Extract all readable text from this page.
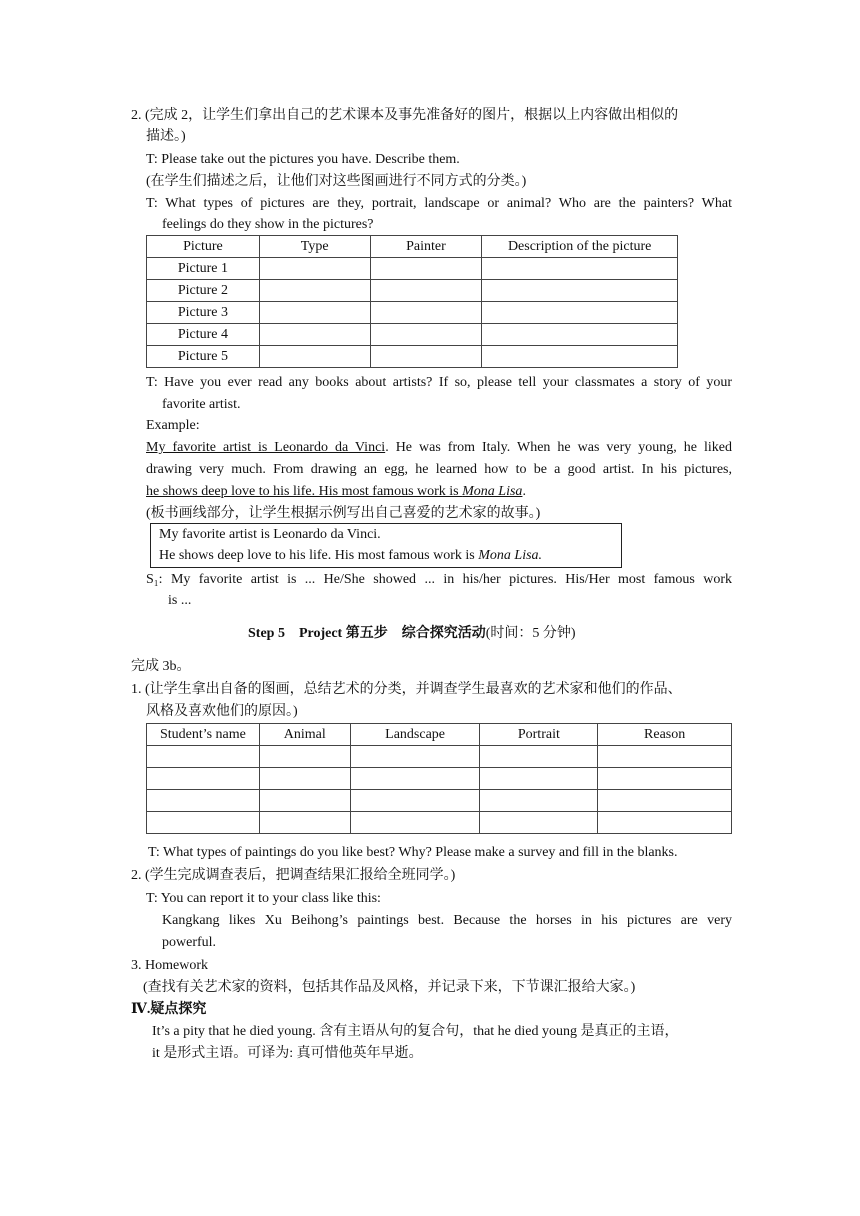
2. (完成 2，让学生们拿出自己的艺术课本及事先准备好的图片，根据以上内容做出相似的
描述。)
T: Please take out the pictures you have. Describe them.
(在学生们描述之后，让他们对这些图画进行不同方式的分类。)
T: What types of pictures are they, portrait, landscape or animal? Who are the painters? What
feelings do they show in the pictures?
Picture	Type	Painter	Description of the picture
Picture 1			
Picture 2			
Picture 3			
Picture 4			
Picture 5			
T: Have you ever read any books about artists? If so, please tell your classmates a story of your
favorite artist.
Example:
My favorite artist is Leonardo da Vinci. He was from Italy. When he was very young, he liked
drawing very much. From drawing an egg, he learned how to be a good artist. In his pictures,
he shows deep love to his life. His most famous work is Mona Lisa.
(板书画线部分，让学生根据示例写出自己喜爱的艺术家的故事。)
My favorite artist is Leonardo da Vinci.
He shows deep love to his life. His most famous work is Mona Lisa.
S₁: My favorite artist is ... He/She showed ... in his/her pictures. His/Her most famous work
is ...
Step 5　Project 第五步　综合探究活动(时间：5 分钟)
完成 3b。
1. (让学生拿出自备的图画，总结艺术的分类，并调查学生最喜欢的艺术家和他们的作品、
风格及喜欢他们的原因。)
Student’s name	Animal	Landscape	Portrait	Reason

T: What types of paintings do you like best? Why? Please make a survey and fill in the blanks.
2. (学生完成调查表后，把调查结果汇报给全班同学。)
T: You can report it to your class like this:
Kangkang likes Xu Beihong’s paintings best. Because the horses in his pictures are very
powerful.
3. Homework
(查找有关艺术家的资料，包括其作品及风格，并记录下来，下节课汇报给大家。)
Ⅳ.疑点探究
It’s a pity that he died young. 含有主语从句的复合句，that he died young 是真正的主语，
it 是形式主语。可译为: 真可惜他英年早逝。
